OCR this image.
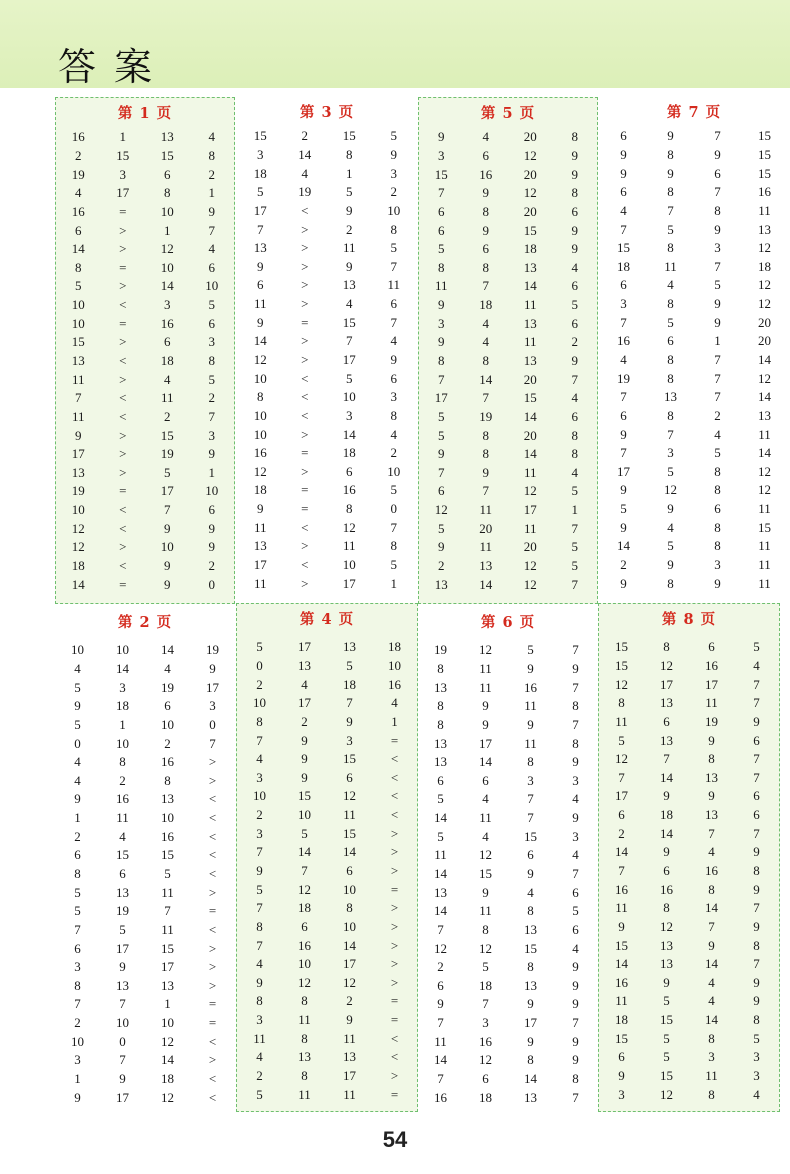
答案
第 1 页
16	1	13	4
2	15	15	8
19	3	6	2
4	17	8	1
16	=	10	9
6	>	1	7
14	>	12	4
8	=	10	6
5	>	14	10
10	<	3	5
10	=	16	6
15	>	6	3
13	<	18	8
11	>	4	5
7	<	11	2
11	<	2	7
9	>	15	3
17	>	19	9
13	>	5	1
19	=	17	10
10	<	7	6
12	<	9	9
12	>	10	9
18	<	9	2
14	=	9	0
第 3 页
15	2	15	5
3	14	8	9
18	4	1	3
5	19	5	2
17	<	9	10
7	>	2	8
13	>	11	5
9	>	9	7
6	>	13	11
11	>	4	6
9	=	15	7
14	>	7	4
12	>	17	9
10	<	5	6
8	<	10	3
10	<	3	8
10	>	14	4
16	=	18	2
12	>	6	10
18	=	16	5
9	=	8	0
11	<	12	7
13	>	11	8
17	<	10	5
11	>	17	1
第 5 页
9	4	20	8
3	6	12	9
15	16	20	9
7	9	12	8
6	8	20	6
6	9	15	9
5	6	18	9
8	8	13	4
11	7	14	6
9	18	11	5
3	4	13	6
9	4	11	2
8	8	13	9
7	14	20	7
17	7	15	4
5	19	14	6
5	8	20	8
9	8	14	8
7	9	11	4
6	7	12	5
12	11	17	1
5	20	11	7
9	11	20	5
2	13	12	5
13	14	12	7
第 7 页
6	9	7	15
9	8	9	15
9	9	6	15
6	8	7	16
4	7	8	11
7	5	9	13
15	8	3	12
18	11	7	18
6	4	5	12
3	8	9	12
7	5	9	20
16	6	1	20
4	8	7	14
19	8	7	12
7	13	7	14
6	8	2	13
9	7	4	11
7	3	5	14
17	5	8	12
9	12	8	12
5	9	6	11
9	4	8	15
14	5	8	11
2	9	3	11
9	8	9	11
第 2 页
10	10	14	19
4	14	4	9
5	3	19	17
9	18	6	3
5	1	10	0
0	10	2	7
4	8	16	>
4	2	8	>
9	16	13	<
1	11	10	<
2	4	16	<
6	15	15	<
8	6	5	<
5	13	11	>
5	19	7	=
7	5	11	<
6	17	15	>
3	9	17	>
8	13	13	>
7	7	1	=
2	10	10	=
10	0	12	<
3	7	14	>
1	9	18	<
9	17	12	<
第 4 页
5	17	13	18
0	13	5	10
2	4	18	16
10	17	7	4
8	2	9	1
7	9	3	=
4	9	15	<
3	9	6	<
10	15	12	<
2	10	11	<
3	5	15	>
7	14	14	>
9	7	6	>
5	12	10	=
7	18	8	>
8	6	10	>
7	16	14	>
4	10	17	>
9	12	12	>
8	8	2	=
3	11	9	=
11	8	11	<
4	13	13	<
2	8	17	>
5	11	11	=
第 6 页
19	12	5	7
8	11	9	9
13	11	16	7
8	9	11	8
8	9	9	7
13	17	11	8
13	14	8	9
6	6	3	3
5	4	7	4
14	11	7	9
5	4	15	3
11	12	6	4
14	15	9	7
13	9	4	6
14	11	8	5
7	8	13	6
12	12	15	4
2	5	8	9
6	18	13	9
9	7	9	9
7	3	17	7
11	16	9	9
14	12	8	9
7	6	14	8
16	18	13	7
第 8 页
15	8	6	5
15	12	16	4
12	17	17	7
8	13	11	7
11	6	19	9
5	13	9	6
12	7	8	7
7	14	13	7
17	9	9	6
6	18	13	6
2	14	7	7
14	9	4	9
7	6	16	8
16	16	8	9
11	8	14	7
9	12	7	9
15	13	9	8
14	13	14	7
16	9	4	9
11	5	4	9
18	15	14	8
15	5	8	5
6	5	3	3
9	15	11	3
3	12	8	4
54
